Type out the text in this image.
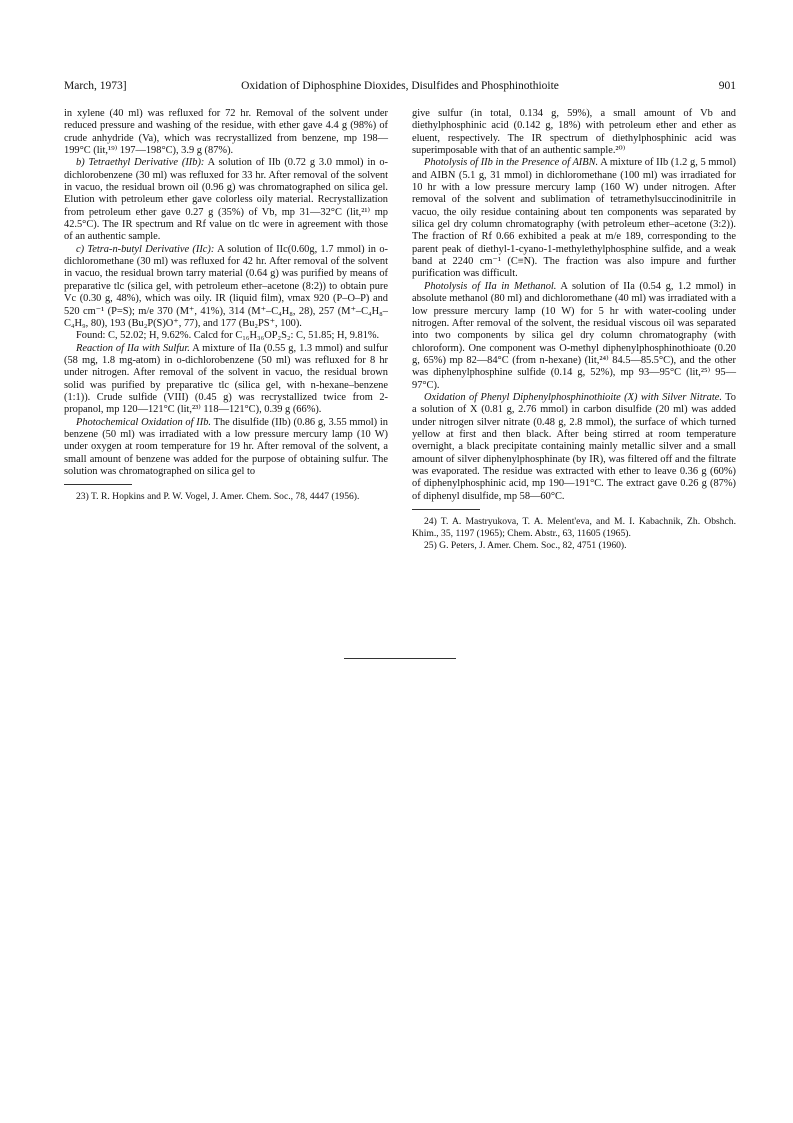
March, 1973]	Oxidation of Diphosphine Dioxides, Disulfides and Phosphinothioite	901

in xylene (40 ml) was refluxed for 72 hr. Removal of the solvent under reduced pressure and washing of the residue, with ether gave 4.4 g (98%) of crude anhydride (Va), which was recrystallized from benzene, mp 198—199°C (lit,¹⁹⁾ 197—198°C), 3.9 g (87%).

b) Tetraethyl Derivative (IIb): A solution of IIb (0.72 g 3.0 mmol) in o-dichlorobenzene (30 ml) was refluxed for 33 hr. After removal of the solvent in vacuo, the residual brown oil (0.96 g) was chromatographed on silica gel. Elution with petroleum ether gave colorless oily material. Recrystallization from petroleum ether gave 0.27 g (35%) of Vb, mp 31—32°C (lit,²¹⁾ mp 42.5°C). The IR spectrum and Rf value on tlc were in agreement with those of an authentic sample.

c) Tetra-n-butyl Derivative (IIc): A solution of IIc(0.60g, 1.7 mmol) in o-dichloromethane (30 ml) was refluxed for 42 hr. After removal of the solvent in vacuo, the residual brown tarry material (0.64 g) was purified by means of preparative tlc (silica gel, with petroleum ether–acetone (8:2)) to obtain pure Vc (0.30 g, 48%), which was oily. IR (liquid film), νmax 920 (P–O–P) and 520 cm⁻¹ (P=S); m/e 370 (M⁺, 41%), 314 (M⁺–C₄H₈, 28), 257 (M⁺–C₄H₈–C₄H₉, 80), 193 (Bu₂P(S)O⁺, 77), and 177 (Bu₂PS⁺, 100).

Found: C, 52.02; H, 9.62%. Calcd for C₁₆H₃₆OP₂S₂: C, 51.85; H, 9.81%.

Reaction of IIa with Sulfur. A mixture of IIa (0.55 g, 1.3 mmol) and sulfur (58 mg, 1.8 mg-atom) in o-dichlorobenzene (50 ml) was refluxed for 8 hr under nitrogen. After removal of the solvent in vacuo, the residual brown solid was purified by preparative tlc (silica gel, with n-hexane–benzene (1:1)). Crude sulfide (VIII) (0.45 g) was recrystallized twice from 2-propanol, mp 120—121°C (lit,²³⁾ 118—121°C), 0.39 g (66%).

Photochemical Oxidation of IIb. The disulfide (IIb) (0.86 g, 3.55 mmol) in benzene (50 ml) was irradiated with a low pressure mercury lamp (10 W) under oxygen at room temperature for 19 hr. After removal of the solvent, a small amount of benzene was added for the purpose of obtaining sulfur. The solution was chromatographed on silica gel to

23) T. R. Hopkins and P. W. Vogel, J. Amer. Chem. Soc., 78, 4447 (1956).

give sulfur (in total, 0.134 g, 59%), a small amount of Vb and diethylphosphinic acid (0.142 g, 18%) with petroleum ether and ether as eluent, respectively. The IR spectrum of diethylphosphinic acid was superimposable with that of an authentic sample.²⁰⁾

Photolysis of IIb in the Presence of AIBN. A mixture of IIb (1.2 g, 5 mmol) and AIBN (5.1 g, 31 mmol) in dichloromethane (100 ml) was irradiated for 10 hr with a low pressure mercury lamp (160 W) under nitrogen. After removal of the solvent and sublimation of tetramethylsuccinodinitrile in vacuo, the oily residue containing about ten components was separated by silica gel dry column chromatography (with petroleum ether–acetone (3:2)). The fraction of Rf 0.66 exhibited a peak at m/e 189, corresponding to the parent peak of diethyl-1-cyano-1-methylethylphosphine sulfide, and a weak band at 2240 cm⁻¹ (C≡N). The fraction was also impure and further purification was difficult.

Photolysis of IIa in Methanol. A solution of IIa (0.54 g, 1.2 mmol) in absolute methanol (80 ml) and dichloromethane (40 ml) was irradiated with a low pressure mercury lamp (10 W) for 5 hr with water-cooling under nitrogen. After removal of the solvent, the residual viscous oil was separated into two components by silica gel dry column chromatography (with chloroform). One component was O-methyl diphenylphosphinothioate (0.20 g, 65%) mp 82—84°C (from n-hexane) (lit,²⁴⁾ 84.5—85.5°C), and the other was diphenylphosphine sulfide (0.14 g, 52%), mp 93—95°C (lit,²⁵⁾ 95—97°C).

Oxidation of Phenyl Diphenylphosphinothioite (X) with Silver Nitrate. To a solution of X (0.81 g, 2.76 mmol) in carbon disulfide (20 ml) was added under nitrogen silver nitrate (0.48 g, 2.8 mmol), the surface of which turned yellow at first and then black. After being stirred at room temperature overnight, a black precipitate containing mainly metallic silver and a small amount of silver diphenylphosphinate (by IR), was filtered off and the filtrate was evaporated. The residue was extracted with ether to leave 0.36 g (60%) of diphenylphosphinic acid, mp 190—191°C. The extract gave 0.26 g (87%) of diphenyl disulfide, mp 58—60°C.

24) T. A. Mastryukova, T. A. Melent'eva, and M. I. Kabachnik, Zh. Obshch. Khim., 35, 1197 (1965); Chem. Abstr., 63, 11605 (1965).

25) G. Peters, J. Amer. Chem. Soc., 82, 4751 (1960).
